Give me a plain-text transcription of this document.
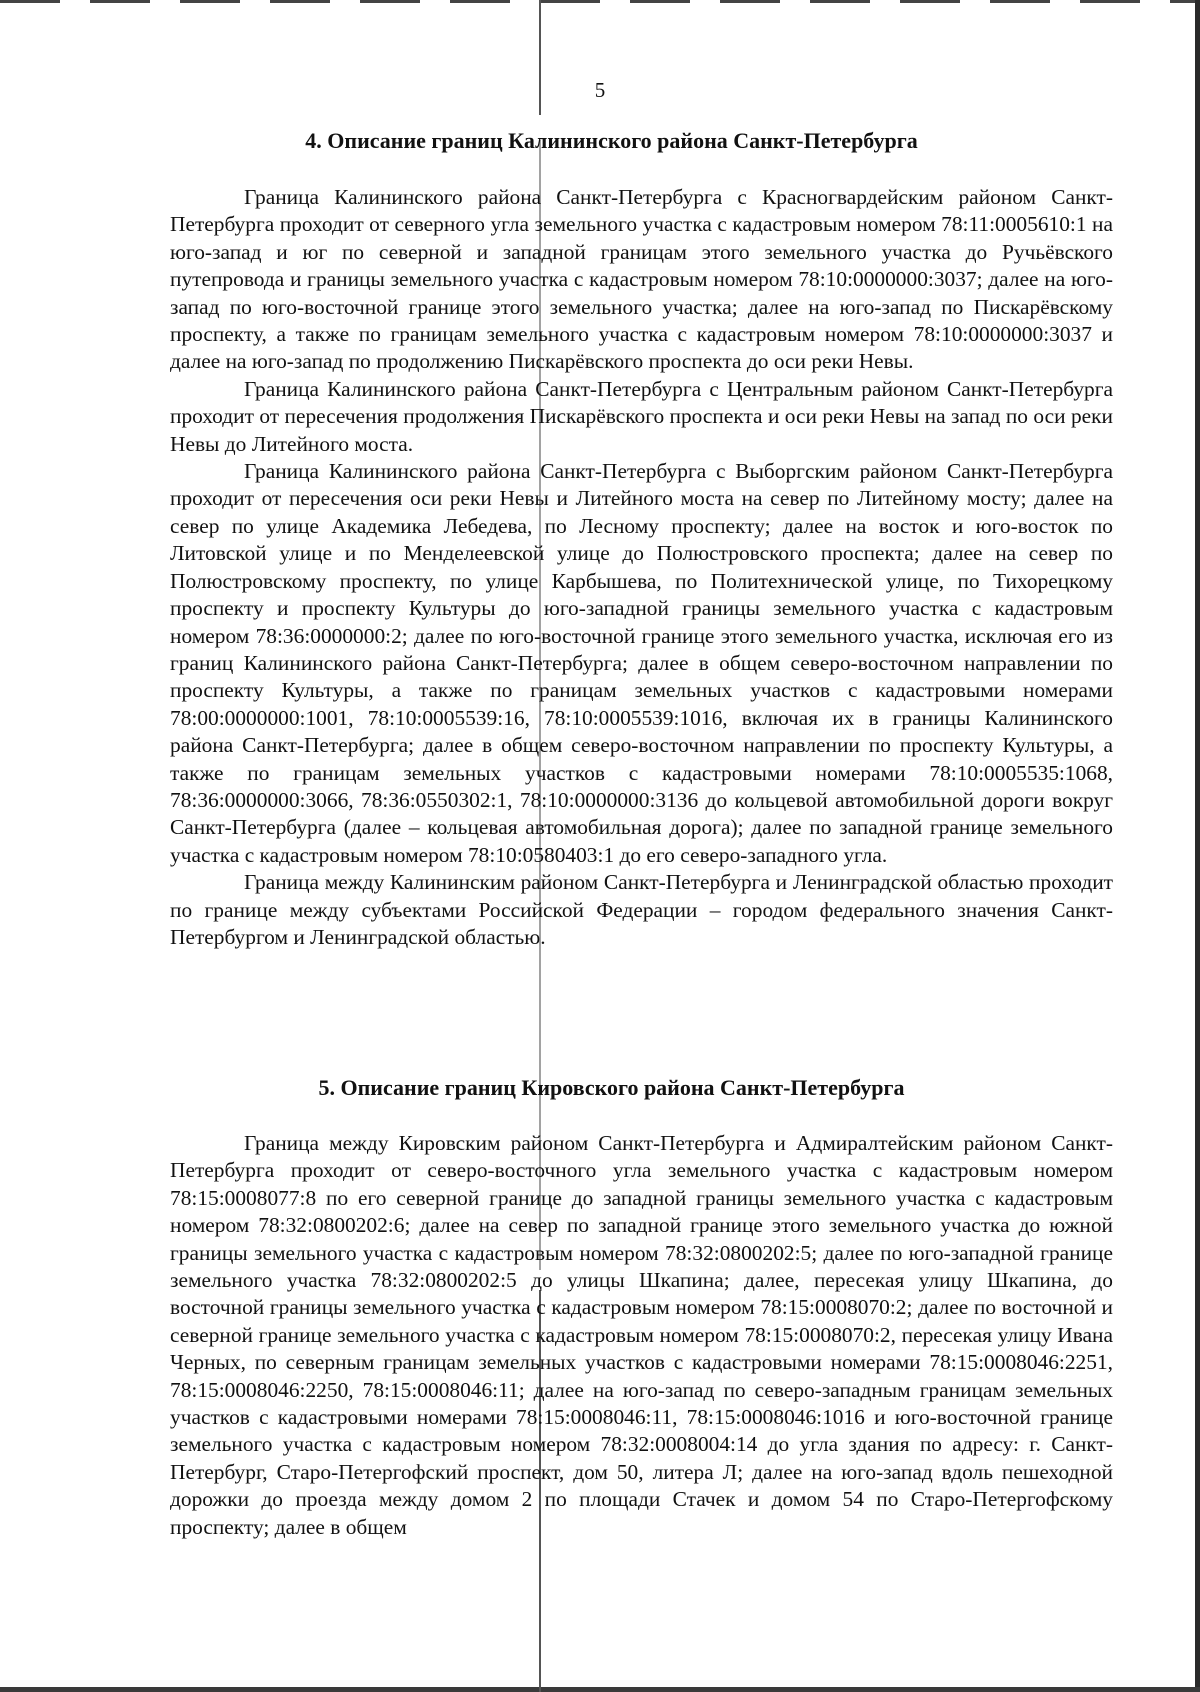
5
4. Описание границ Калининского района Санкт-Петербурга

Граница Калининского района Санкт-Петербурга с Красногвардейским районом Санкт-Петербурга проходит от северного угла земельного участка с кадастровым номером 78:11:0005610:1 на юго-запад и юг по северной и западной границам этого земельного участка до Ручьёвского путепровода и границы земельного участка с кадастровым номером 78:10:0000000:3037; далее на юго-запад по юго-восточной границе этого земельного участка; далее на юго-запад по Пискарёвскому проспекту, а также по границам земельного участка с кадастровым номером 78:10:0000000:3037 и далее на юго-запад по продолжению Пискарёвского проспекта до оси реки Невы.

Граница Калининского района Санкт-Петербурга с Центральным районом Санкт-Петербурга проходит от пересечения продолжения Пискарёвского проспекта и оси реки Невы на запад по оси реки Невы до Литейного моста.

Граница Калининского района Санкт-Петербурга с Выборгским районом Санкт-Петербурга проходит от пересечения оси реки Невы и Литейного моста на север по Литейному мосту; далее на север по улице Академика Лебедева, по Лесному проспекту; далее на восток и юго-восток по Литовской улице и по Менделеевской улице до Полюстровского проспекта; далее на север по Полюстровскому проспекту, по улице Карбышева, по Политехнической улице, по Тихорецкому проспекту и проспекту Культуры до юго-западной границы земельного участка с кадастровым номером 78:36:0000000:2; далее по юго-восточной границе этого земельного участка, исключая его из границ Калининского района Санкт-Петербурга; далее в общем северо-восточном направлении по проспекту Культуры, а также по границам земельных участков с кадастровыми номерами 78:00:0000000:1001, 78:10:0005539:16, 78:10:0005539:1016, включая их в границы Калининского района Санкт-Петербурга; далее в общем северо-восточном направлении по проспекту Культуры, а также по границам земельных участков с кадастровыми номерами 78:10:0005535:1068, 78:36:0000000:3066, 78:36:0550302:1, 78:10:0000000:3136 до кольцевой автомобильной дороги вокруг Санкт-Петербурга (далее – кольцевая автомобильная дорога); далее по западной границе земельного участка с кадастровым номером 78:10:0580403:1 до его северо-западного угла.

Граница между Калининским районом Санкт-Петербурга и Ленинградской областью проходит по границе между субъектами Российской Федерации – городом федерального значения Санкт-Петербургом и Ленинградской областью.

5. Описание границ Кировского района Санкт-Петербурга

Граница между Кировским районом Санкт-Петербурга и Адмиралтейским районом Санкт-Петербурга проходит от северо-восточного угла земельного участка с кадастровым номером 78:15:0008077:8 по его северной границе до западной границы земельного участка с кадастровым номером 78:32:0800202:6; далее на север по западной границе этого земельного участка до южной границы земельного участка с кадастровым номером 78:32:0800202:5; далее по юго-западной границе земельного участка 78:32:0800202:5 до улицы Шкапина; далее, пересекая улицу Шкапина, до восточной границы земельного участка с кадастровым номером 78:15:0008070:2; далее по восточной и северной границе земельного участка с кадастровым номером 78:15:0008070:2, пересекая улицу Ивана Черных, по северным границам земельных участков с кадастровыми номерами 78:15:0008046:2251, 78:15:0008046:2250, 78:15:0008046:11; далее на юго-запад по северо-западным границам земельных участков с кадастровыми номерами 78:15:0008046:11, 78:15:0008046:1016 и юго-восточной границе земельного участка с кадастровым номером 78:32:0008004:14 до угла здания по адресу: г. Санкт-Петербург, Старо-Петергофский проспект, дом 50, литера Л; далее на юго-запад вдоль пешеходной дорожки до проезда между домом 2 по площади Стачек и домом 54 по Старо-Петергофскому проспекту; далее в общем
